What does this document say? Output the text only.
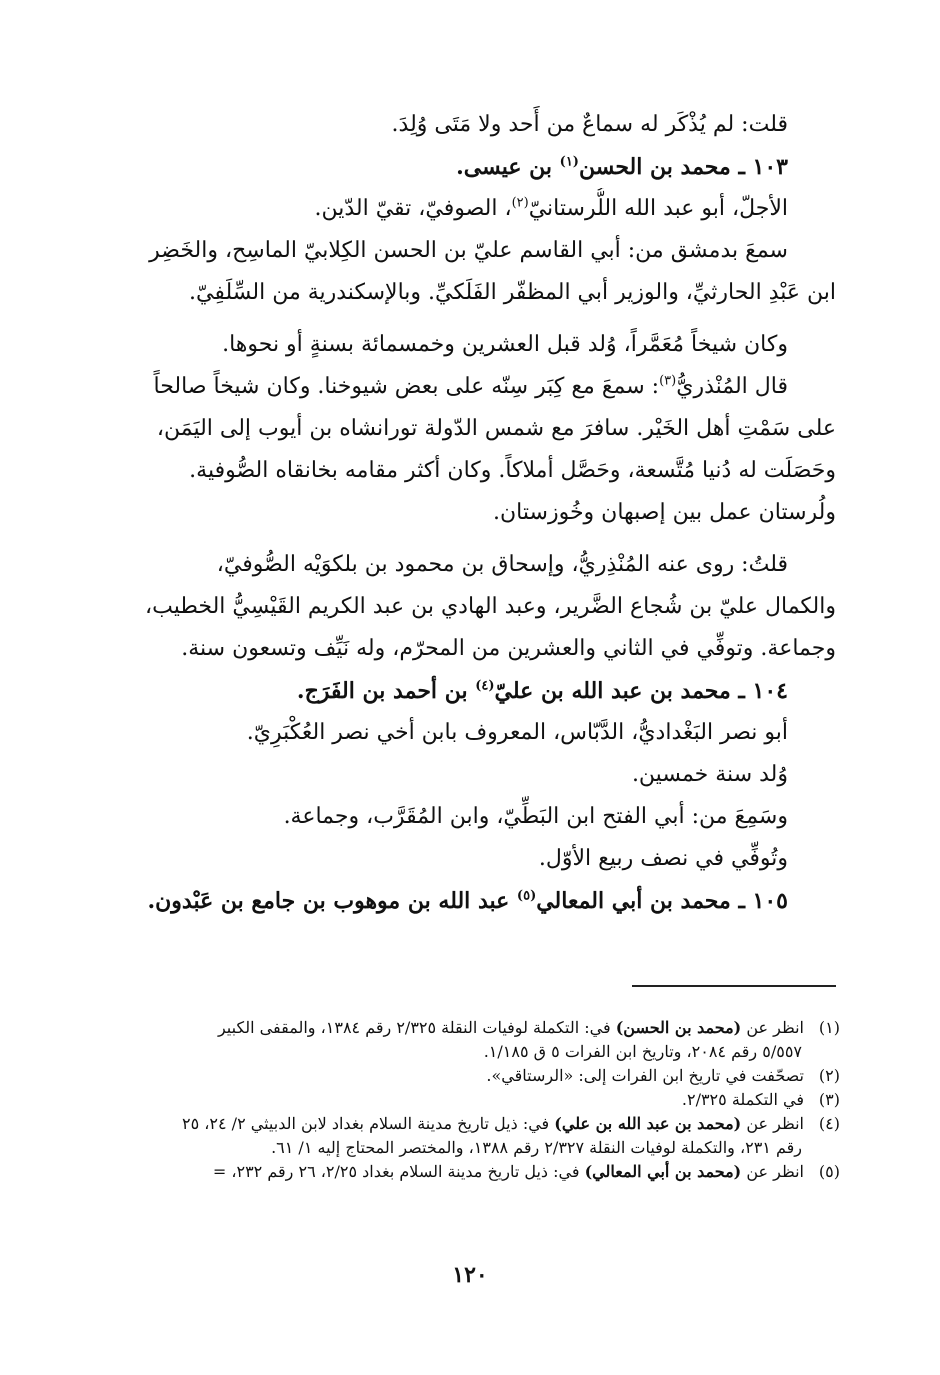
قلت: لم يُذْكَر له سماعٌ من أَحد ولا مَتَى وُلِدَ.
١٠٣ ـ محمد بن الحسن$^{(١)}$ بن عيسى.
الأجلّ، أبو عبد الله اللُّرستانيّ$^{(٢)}$، الصوفيّ، تقيّ الدّين.
سمعَ بدمشق من: أبي القاسم عليّ بن الحسن الكِلابيّ الماسِح، والخَضِر
ابن عَبْدِ الحارثيِّ، والوزير أبي المظفّر الفَلَكيِّ. وبالإسكندرية من السِّلَفِيّ.
وكان شيخاً مُعَمَّراً، وُلد قبل العشرين وخمسمائة بسنةٍ أو نحوها.
قال المُنْذريُّ$^{(٣)}$: سمعَ مع كِبَر سِنّه على بعض شيوخنا. وكان شيخاً صالحاً
على سَمْتِ أهل الخَيْر. سافرَ مع شمس الدّولة تورانشاه بن أيوب إلى اليَمَن،
وحَصَلَت له دُنيا مُتَّسعة، وحَصَّل أملاكاً. وكان أكثر مقامه بخانقاه الصُّوفية.
ولُرستان عمل بين إصبهان وخُوزستان.
قلتُ: روى عنه المُنْذِريُّ، وإسحاق بن محمود بن بلكوَيْه الصُّوفيّ،
والكمال عليّ بن شُجاع الضَّرير، وعبد الهادي بن عبد الكريم القَيْسِيُّ الخطيب،
وجماعة. وتوفِّي في الثاني والعشرين من المحرّم، وله نَيِّف وتسعون سنة.
١٠٤ ـ محمد بن عبد الله بن عليّ$^{(٤)}$ بن أحمد بن الفَرَج.
أبو نصر البَغْداديُّ، الدَّبّاس، المعروف بابن أخي نصر العُكْبَرِيّ.
وُلد سنة خمسين.
وسَمِعَ من: أبي الفتح ابن البَطِّيّ، وابن المُقَرَّب، وجماعة.
وتُوفِّي في نصف ربيع الأوّل.
١٠٥ ـ محمد بن أبي المعالي$^{(٥)}$ عبد الله بن موهوب بن جامع بن عَبْدون.
(١)انظر عن (محمد بن الحسن) في: التكملة لوفيات النقلة ٢/٣٢٥ رقم ١٣٨٤، والمقفى الكبير
٥/٥٥٧ رقم ٢٠٨٤، وتاريخ ابن الفرات ٥ ق ١/١٨٥.
(٢)تصحّفت في تاريخ ابن الفرات إلى: «الرستاقي».
(٣)في التكملة ٢/٣٢٥.
(٤)انظر عن (محمد بن عبد الله بن علي) في: ذيل تاريخ مدينة السلام بغداد لابن الدبيثي ٢/ ٢٤، ٢٥
رقم ٢٣١، والتكملة لوفيات النقلة ٢/٣٢٧ رقم ١٣٨٨، والمختصر المحتاج إليه ١/ ٦١.
(٥)انظر عن (محمد بن أبي المعالي) في: ذيل تاريخ مدينة السلام بغداد ٢/٢٥، ٢٦ رقم ٢٣٢، =
١٢٠
